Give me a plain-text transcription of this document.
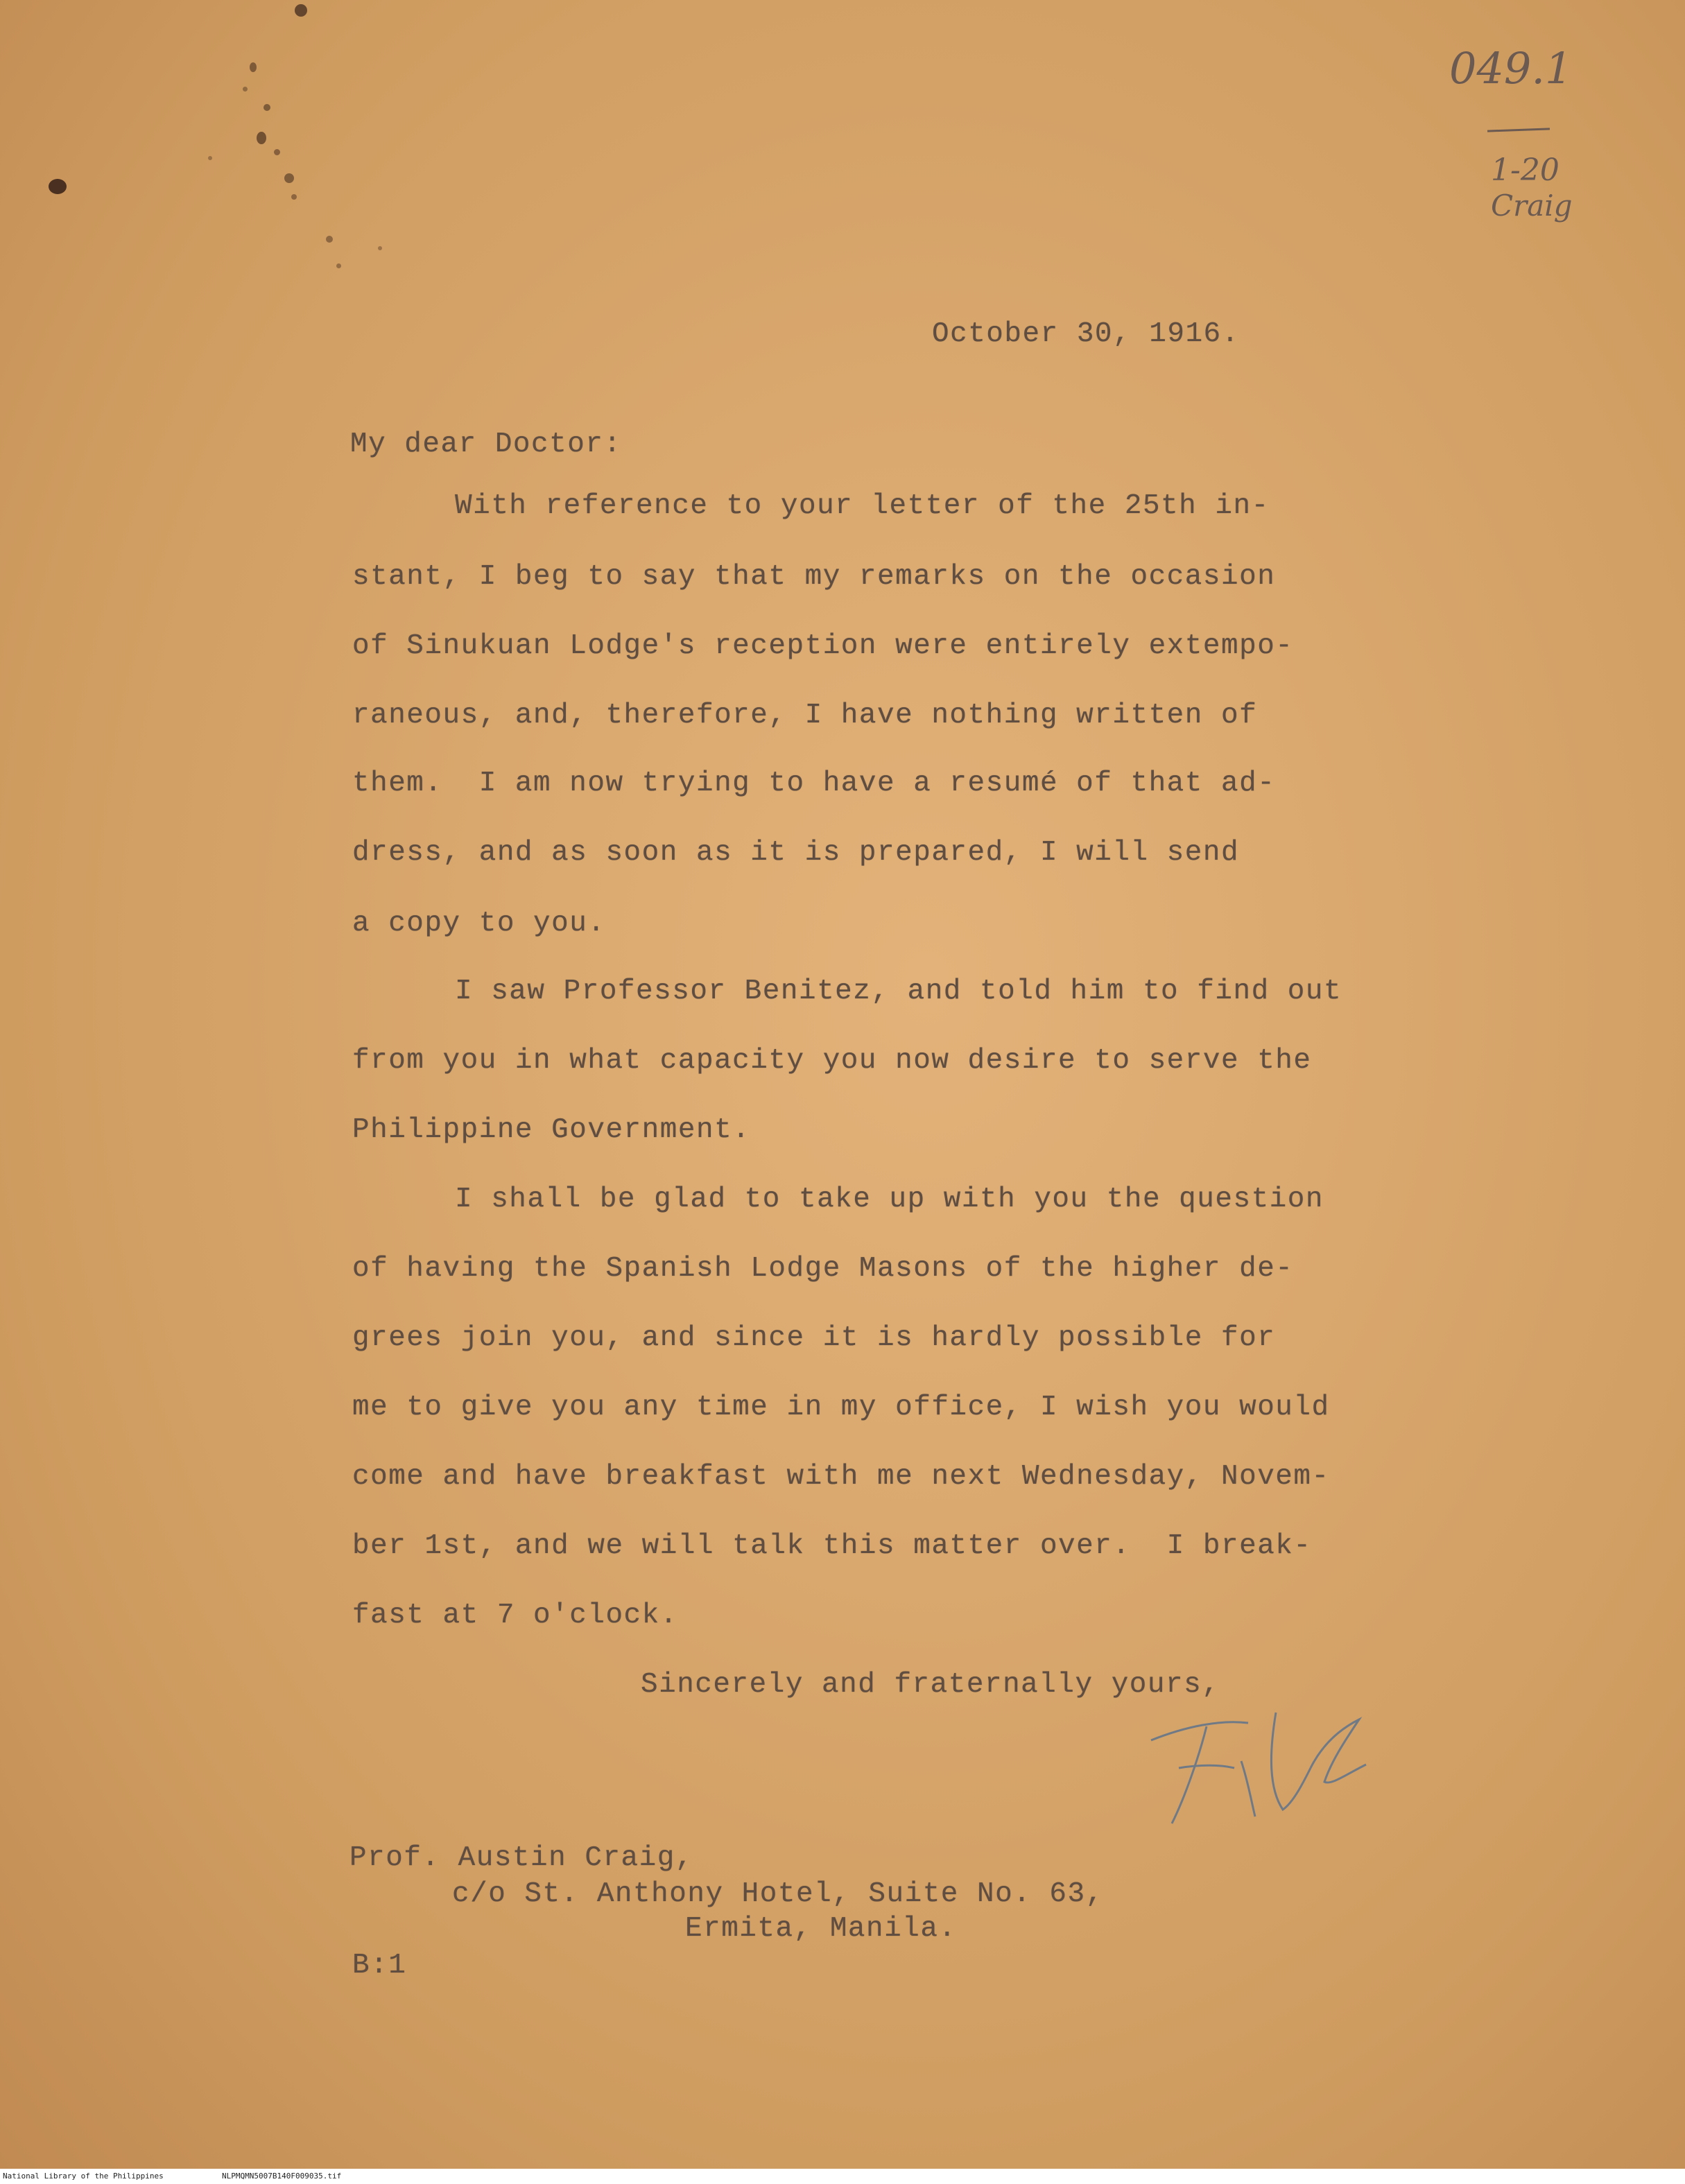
049.1
1-20
Craig
October 30, 1916.
My dear Doctor:
With reference to your letter of the 25th in-
stant, I beg to say that my remarks on the occasion
of Sinukuan Lodge's reception were entirely extempo-
raneous, and, therefore, I have nothing written of
them.  I am now trying to have a resumé of that ad-
dress, and as soon as it is prepared, I will send
a copy to you.
I saw Professor Benitez, and told him to find out
from you in what capacity you now desire to serve the
Philippine Government.
I shall be glad to take up with you the question
of having the Spanish Lodge Masons of the higher de-
grees join you, and since it is hardly possible for
me to give you any time in my office, I wish you would
come and have breakfast with me next Wednesday, Novem-
ber 1st, and we will talk this matter over.  I break-
fast at 7 o'clock.
Sincerely and fraternally yours,
Prof. Austin Craig,
c/o St. Anthony Hotel, Suite No. 63,
Ermita, Manila.
B:1
National Library of the Philippines	NLPMQMN5007B140F009035.tif
